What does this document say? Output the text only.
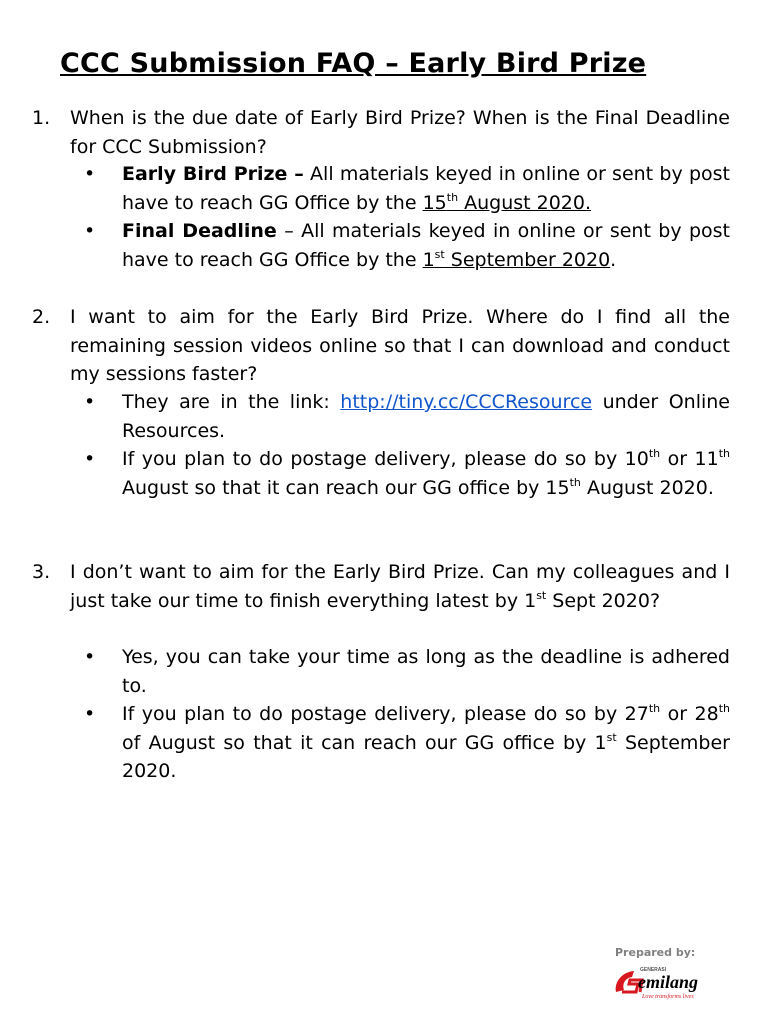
CCC Submission FAQ – Early Bird Prize
1. When is the due date of Early Bird Prize? When is the Final Deadline for CCC Submission?
• Early Bird Prize – All materials keyed in online or sent by post have to reach GG Office by the 15th August 2020.
• Final Deadline – All materials keyed in online or sent by post have to reach GG Office by the 1st September 2020.
2. I want to aim for the Early Bird Prize. Where do I find all the remaining session videos online so that I can download and conduct my sessions faster?
• They are in the link: http://tiny.cc/CCCResource under Online Resources.
• If you plan to do postage delivery, please do so by 10th or 11th August so that it can reach our GG office by 15th August 2020.
3. I don’t want to aim for the Early Bird Prize. Can my colleagues and I just take our time to finish everything latest by 1st Sept 2020?
• Yes, you can take your time as long as the deadline is adhered to.
• If you plan to do postage delivery, please do so by 27th or 28th of August so that it can reach our GG office by 1st September 2020.
Prepared by:
GENERASI
emilang
Love transforms lives
